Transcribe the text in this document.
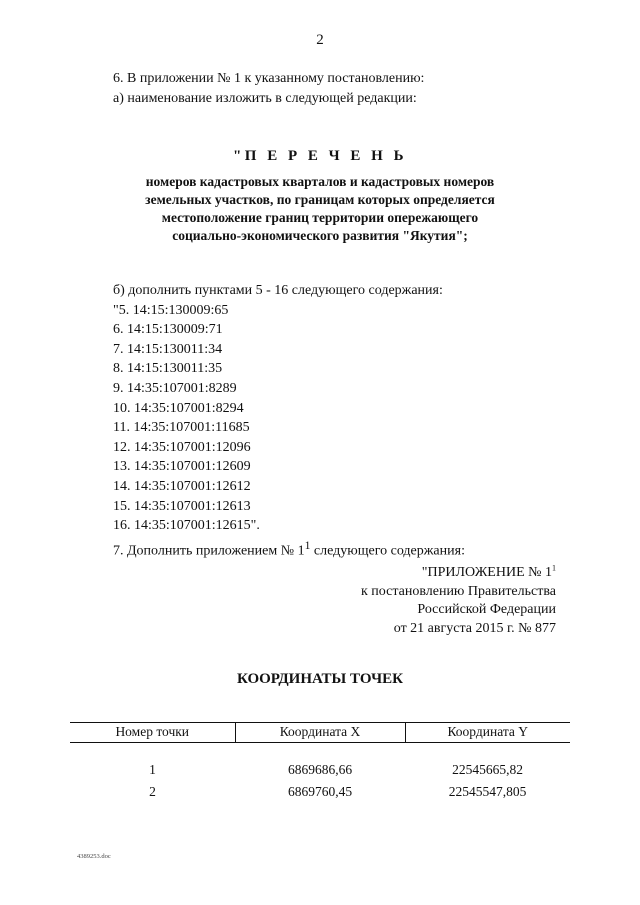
2
6. В приложении № 1 к указанному постановлению:
а) наименование изложить в следующей редакции:
"П Е Р Е Ч Е Н Ь
номеров кадастровых кварталов и кадастровых номеров
земельных участков, по границам которых определяется
местоположение границ территории опережающего
социально-экономического развития "Якутия";
б) дополнить пунктами 5 - 16 следующего содержания:
"5. 14:15:130009:65
6. 14:15:130009:71
7. 14:15:130011:34
8. 14:15:130011:35
9. 14:35:107001:8289
10. 14:35:107001:8294
11. 14:35:107001:11685
12. 14:35:107001:12096
13. 14:35:107001:12609
14. 14:35:107001:12612
15. 14:35:107001:12613
16. 14:35:107001:12615".
7. Дополнить приложением № $1^1$ следующего содержания:
"ПРИЛОЖЕНИЕ № $1^1$
к постановлению Правительства
Российской Федерации
от 21 августа 2015 г. № 877
КООРДИНАТЫ ТОЧЕК
Номер точки	Координата X	Координата Y
1	6869686,66	22545665,82
2	6869760,45	22545547,805
4389253.doc
